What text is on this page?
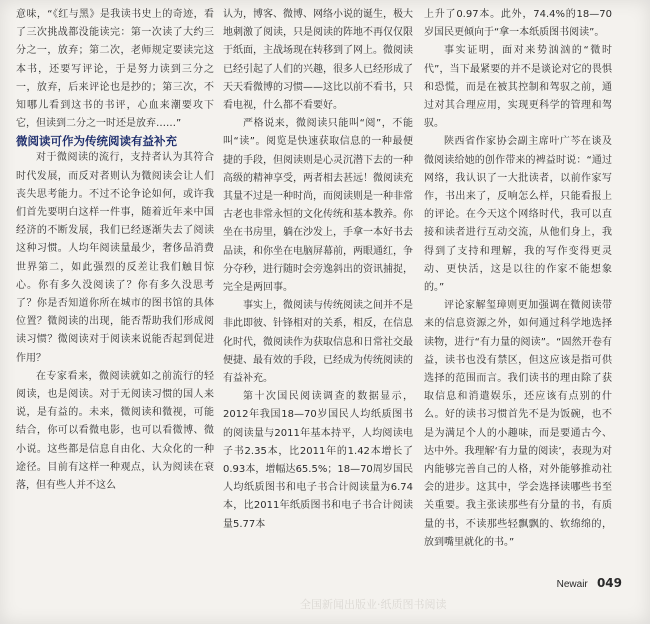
意味，“《红与黑》是我读书史上的奇迹，看了三次挑战都没能读完：第一次读了大约三分之一，放弃；第二次，老师规定要读完这本书，还要写评论，于是努力读到三分之一，放弃，后来评论也是抄的；第三次，不知哪儿看到这书的书评，心血来潮要攻下它，但读到二分之一时还是放弃……”

微阅读可作为传统阅读有益补充

对于微阅读的流行，支持者认为其符合时代发展，而反对者则认为微阅读会让人们丧失思考能力。不过不论争论如何，或许我们首先要明白这样一件事，随着近年来中国经济的不断发展，我们已经逐渐失去了阅读这种习惯。人均年阅读量最少，奢侈品消费世界第二，如此强烈的反差让我们触目惊心。你有多久没阅读了？你有多久没思考了？你是否知道你所在城市的图书馆的具体位置？微阅读的出现，能否帮助我们形成阅读习惯？微阅读对于阅读来说能否起到促进作用？

在专家看来，微阅读就如之前流行的轻阅读，也是阅读。对于无阅读习惯的国人来说，是有益的。未来，微阅读和微视，可能结合，你可以看微电影，也可以看微博、微小说。这些都是信息自由化、大众化的一种途径。目前有这样一种观点，认为阅读在衰落，但有些人并不这么

认为，博客、微博、网络小说的诞生，极大地刺激了阅读，只是阅读的阵地不再仅仅限于纸面，主战场现在转移到了网上。微阅读已经引起了人们的兴趣，很多人已经形成了天天看微博的习惯——这比以前不看书，只看电视，什么都不看要好。

严格说来，微阅读只能叫“阅”，不能叫“读”。阅览是快速获取信息的一种最便捷的手段，但阅读则是心灵沉潜下去的一种高级的精神享受，两者相去甚远！微阅读充其量不过是一种时尚，而阅读则是一种非常古老也非常永恒的文化传统和基本教养。你坐在书房里，躺在沙发上，手拿一本好书去品读，和你坐在电脑屏幕前，两眼通红，争分夺秒，进行随时会旁逸斜出的资讯捕捉，完全是两回事。

事实上，微阅读与传统阅读之间并不是非此即彼、针锋相对的关系，相反，在信息化时代，微阅读作为获取信息和日常社交最便捷、最有效的手段，已经成为传统阅读的有益补充。

第十次国民阅读调查的数据显示，2012年我国18—70岁国民人均纸质图书的阅读量与2011年基本持平，人均阅读电子书2.35本，比2011年的1.42本增长了0.93本，增幅达65.5%；18—70周岁国民人均纸质图书和电子书合计阅读量为6.74本，比2011年纸质图书和电子书合计阅读量5.77本

上升了0.97本。此外，74.4%的18—70岁国民更倾向于“拿一本纸质图书阅读”。

事实证明，面对来势汹汹的“微时代”，当下最紧要的并不是谈论对它的畏惧和恐慌，而是在被其控制和驾驭之前，通过对其合理应用，实现更科学的管理和驾驭。

陕西省作家协会副主席叶广芩在谈及微阅读给她的创作带来的裨益时说：“通过网络，我认识了一大批读者，以前作家写作，书出来了，反响怎么样，只能看报上的评论。在今天这个网络时代，我可以直接和读者进行互动交流，从他们身上，我得到了支持和理解，我的写作变得更灵动、更快活，这是以往的作家不能想象的。”

评论家解玺璋则更加强调在微阅读带来的信息资源之外，如何通过科学地选择读物，进行“有力量的阅读”。“固然开卷有益，读书也没有禁区，但这应该是指可供选择的范围而言。我们读书的理由除了获取信息和消遣娱乐，还应该有点别的什么。好的读书习惯首先不是为饭碗，也不是为满足个人的小趣味，而是要通古今、达中外。我理解‘有力量的阅读’，表现为对内能够完善自己的人格，对外能够推动社会的进步。这其中，学会选择读哪些书至关重要。我主张读那些有分量的书，有质量的书，不读那些轻飘飘的、软绵绵的，放到嘴里就化的书。”

全国新闻出版业·纸质图书阅读
Newair 049
